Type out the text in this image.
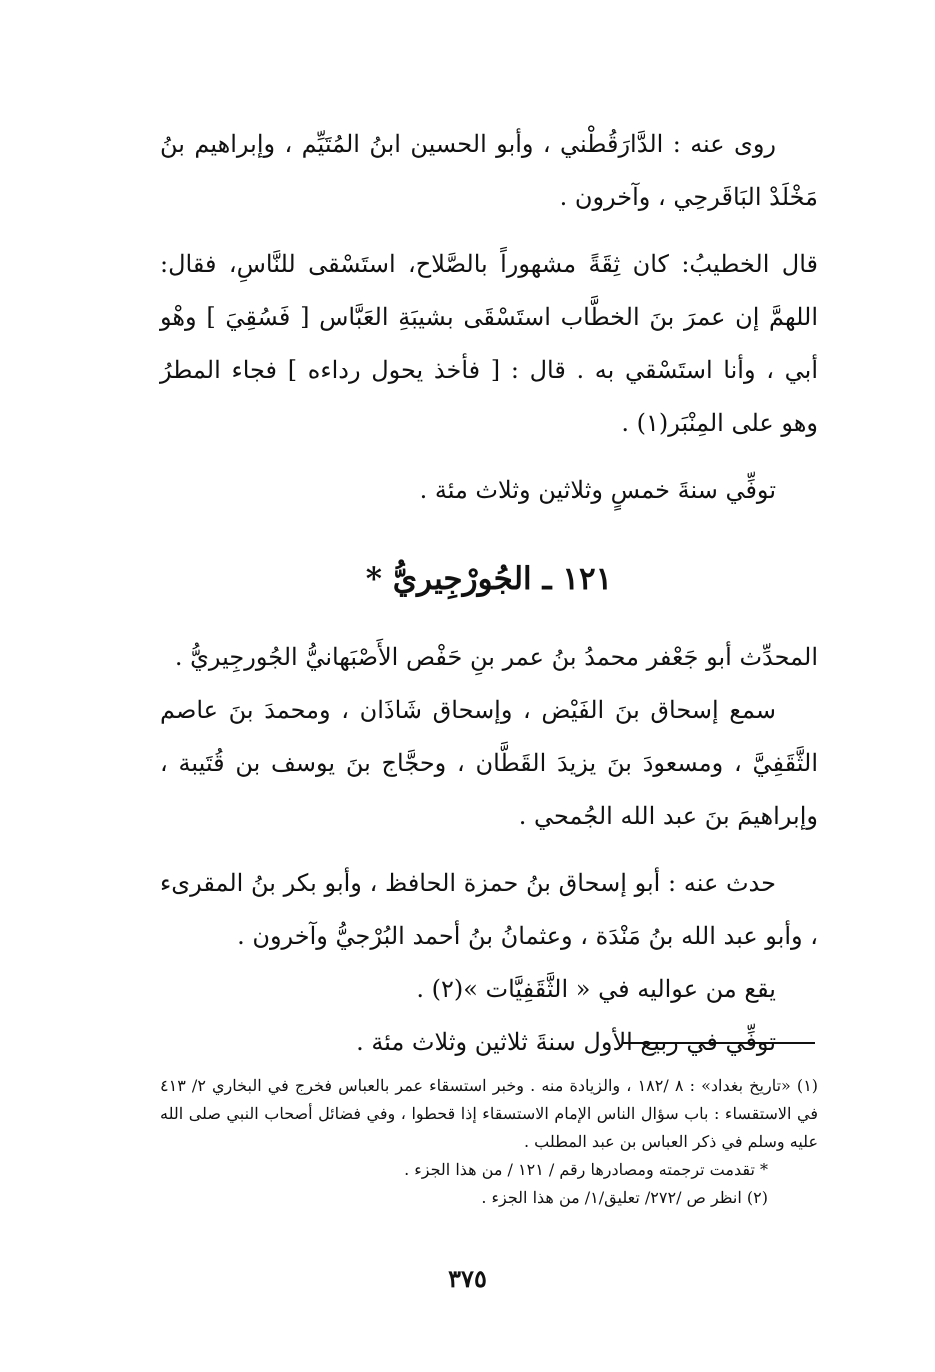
روى عنه : الدَّارَقُطْني ، وأبو الحسين ابنُ المُتَيِّم ، وإبراهيم بنُ مَخْلَدْ البَاقَرحِي ، وآخرون .

قال الخطيبُ: كان ثِقَةً مشهوراً بالصَّلاح، استَسْقى للنَّاسِ، فقال: اللهمَّ إن عمرَ بنَ الخطَّاب استَسْقَى بشيبَةِ العَبَّاس [ فَسُقِيَ ] وهْو أبي ، وأنا استَسْقي به . قال : [ فأخذ يحول رداءه ] فجاء المطرُ وهو على المِنْبَر(١) .

توفِّي سنةَ خمسٍ وثلاثين وثلاث مئة .

١٢١ ـ الجُورْجِيريُّ *

المحدِّث أبو جَعْفر محمدُ بنُ عمر بنِ حَفْص الأَصْبَهانيُّ الجُورجِيريُّ .

سمع إسحاق بنَ الفَيْض ، وإسحاق شَاذَان ، ومحمدَ بنَ عاصم الثَّقَفِيَّ ، ومسعودَ بنَ يزيدَ القَطَّان ، وحجَّاج بنَ يوسف بن قُتَيبة ، وإبراهيمَ بنَ عبد الله الجُمحي .

حدث عنه : أبو إسحاق بنُ حمزة الحافظ ، وأبو بكر بنُ المقرىء ، وأبو عبد الله بنُ مَنْدَة ، وعثمانُ بنُ أحمد البُرْجيُّ وآخرون .

يقع من عواليه في « الثَّقَفِيَّات »(٢) .

توفِّي في ربيع الأول سنةَ ثلاثين وثلاث مئة .

(١) «تاريخ بغداد» : ٨ /١٨٢ ، والزيادة منه . وخبر استسقاء عمر بالعباس فخرج في البخاري ٢/ ٤١٣ في الاستقساء : باب سؤال الناس الإمام الاستسقاء إذا قحطوا ، وفي فضائل أصحاب النبي صلى الله عليه وسلم في ذكر العباس بن عبد المطلب .

* تقدمت ترجمته ومصادرها رقم / ١٢١ / من هذا الجزء .

(٢) انظر ص /٢٧٢/ تعليق/١/ من هذا الجزء .

٣٧٥
